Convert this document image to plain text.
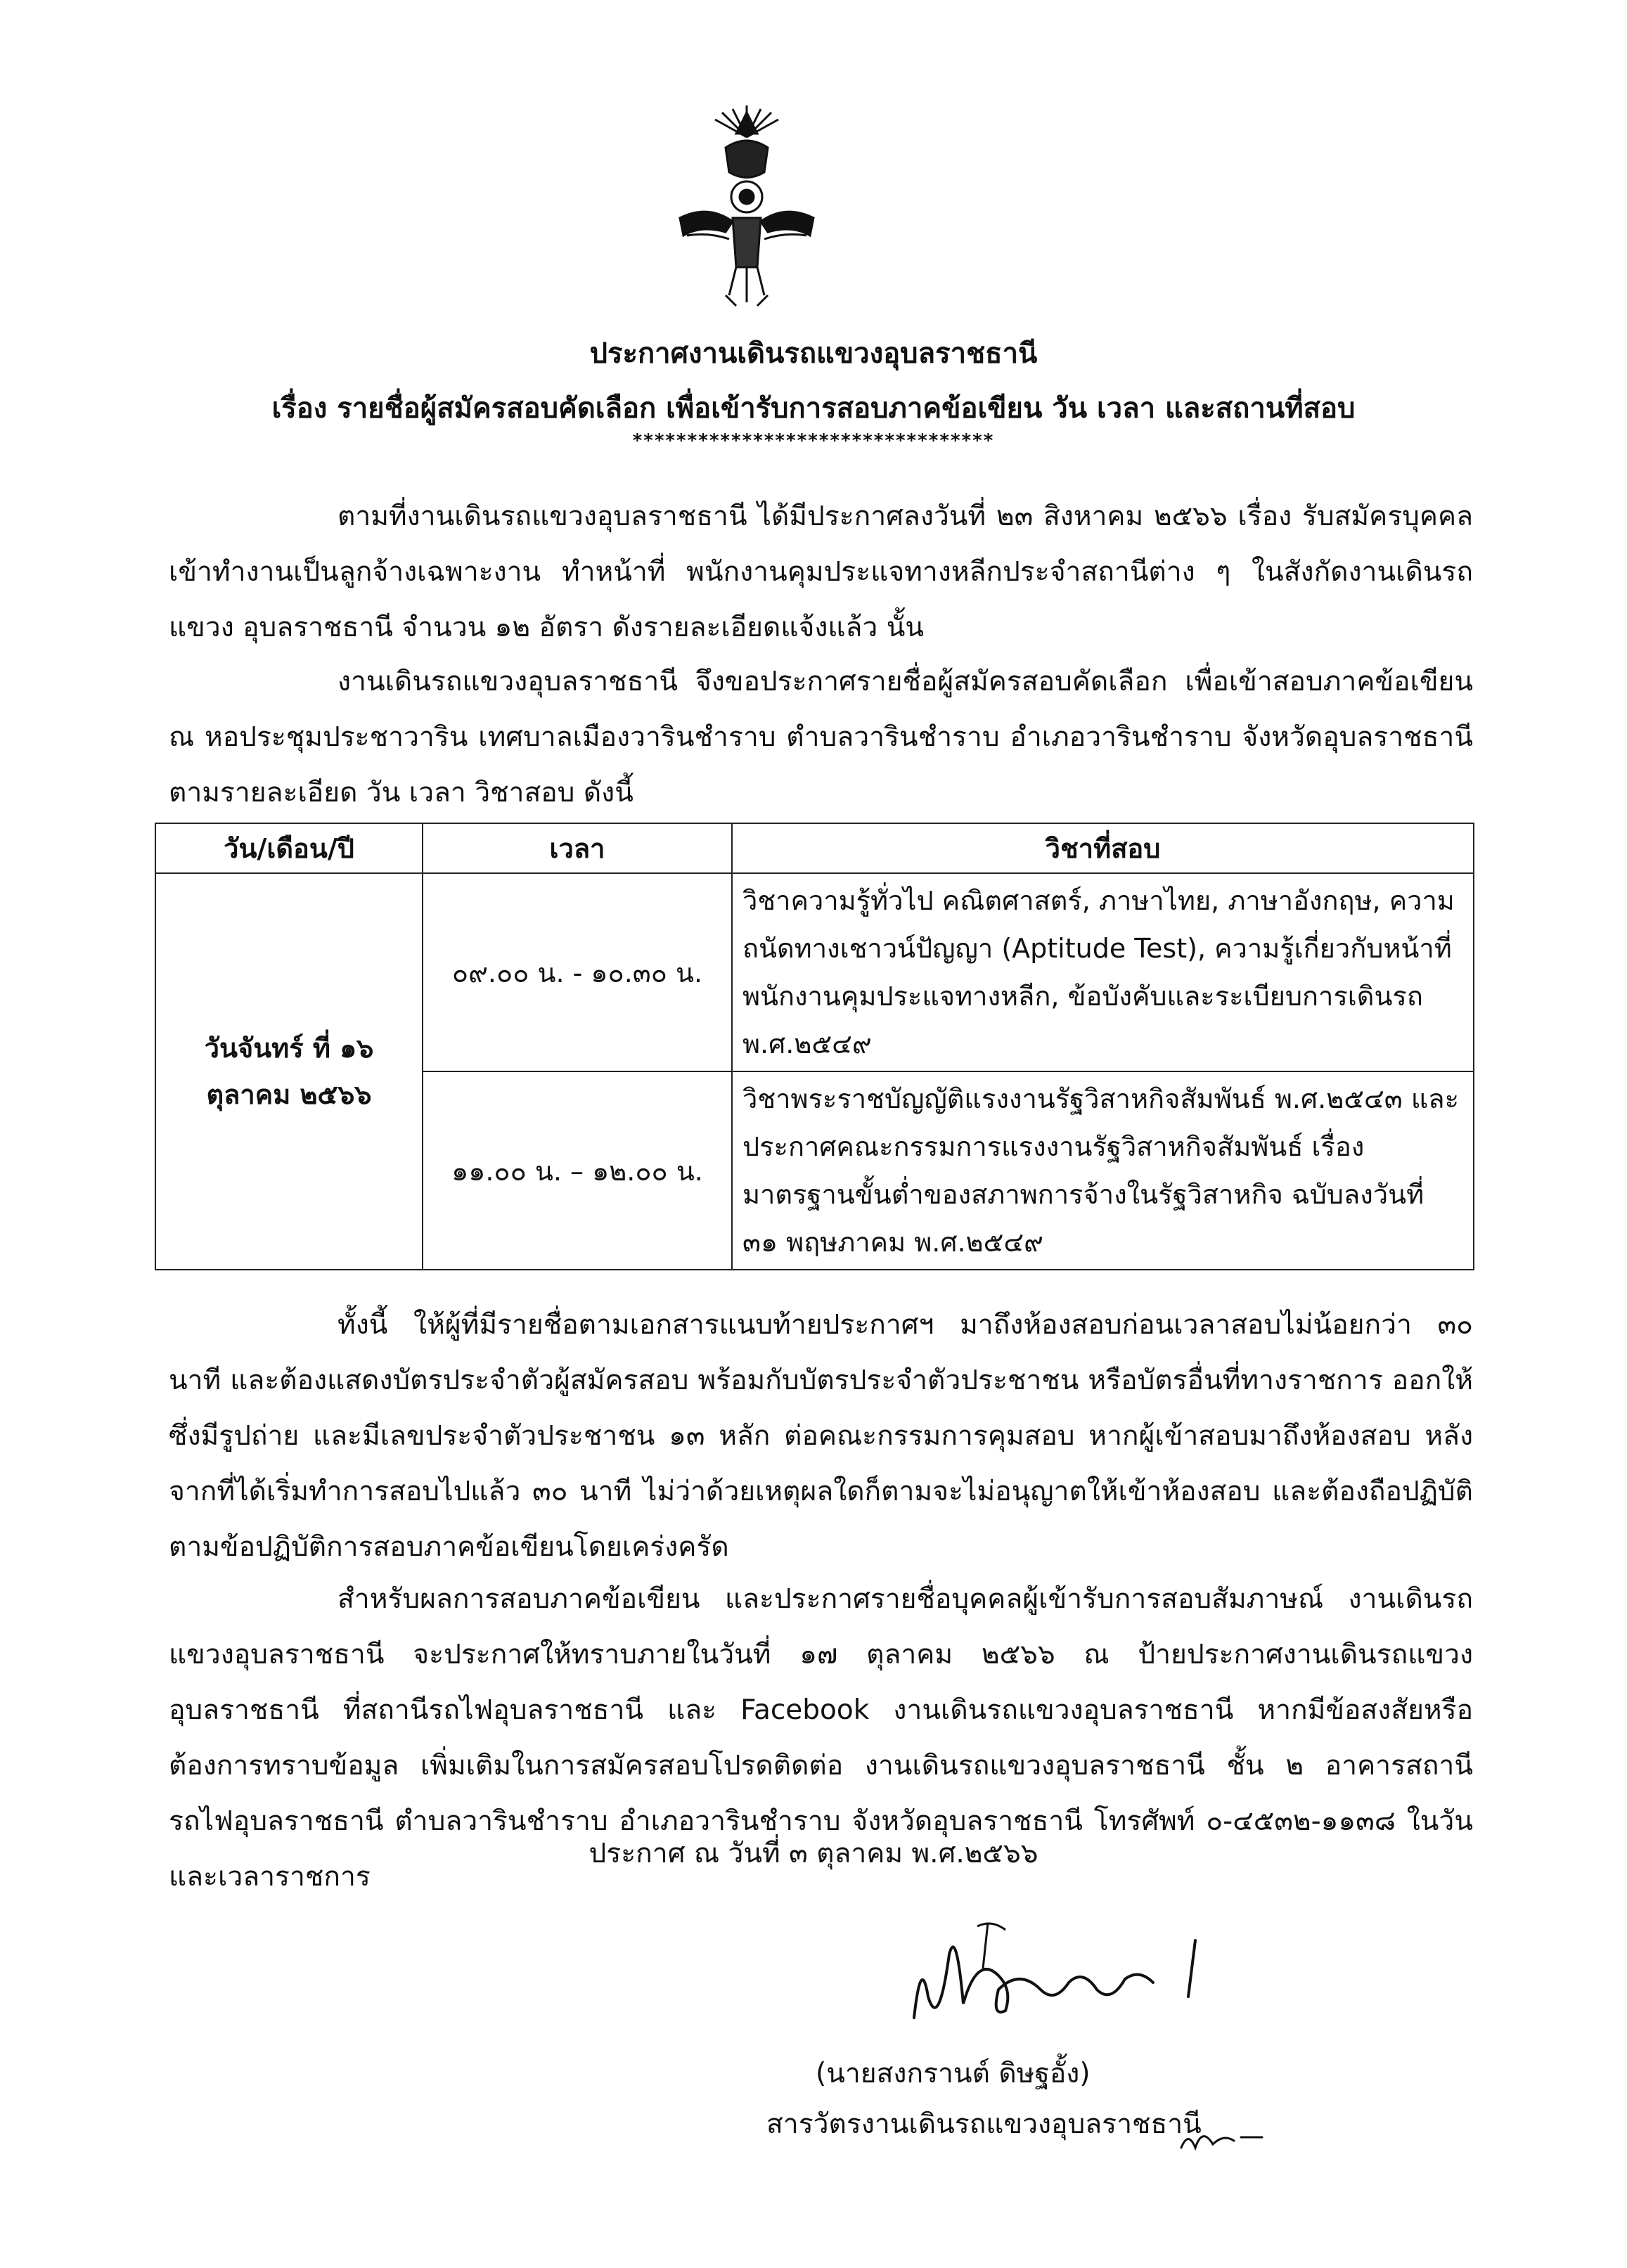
ประกาศงานเดินรถแขวงอุบลราชธานี
เรื่อง รายชื่อผู้สมัครสอบคัดเลือก เพื่อเข้ารับการสอบภาคข้อเขียน วัน เวลา และสถานที่สอบ
*********************************
ตามที่งานเดินรถแขวงอุบลราชธานี ได้มีประกาศลงวันที่ ๒๓ สิงหาคม ๒๕๖๖ เรื่อง รับสมัครบุคคล เข้าทำงานเป็นลูกจ้างเฉพาะงาน ทำหน้าที่ พนักงานคุมประแจทางหลีกประจำสถานีต่าง ๆ ในสังกัดงานเดินรถแขวง อุบลราชธานี จำนวน ๑๒ อัตรา ดังรายละเอียดแจ้งแล้ว นั้น
งานเดินรถแขวงอุบลราชธานี จึงขอประกาศรายชื่อผู้สมัครสอบคัดเลือก เพื่อเข้าสอบภาคข้อเขียน ณ หอประชุมประชาวาริน เทศบาลเมืองวารินชำราบ ตำบลวารินชำราบ อำเภอวารินชำราบ จังหวัดอุบลราชธานี ตามรายละเอียด วัน เวลา วิชาสอบ ดังนี้
วัน/เดือน/ปี	เวลา	วิชาที่สอบ

วันจันทร์ ที่ ๑๖
ตุลาคม ๒๕๖๖	๐๙.๐๐ น. - ๑๐.๓๐ น.	วิชาความรู้ทั่วไป คณิตศาสตร์, ภาษาไทย, ภาษาอังกฤษ, ความถนัดทางเชาวน์ปัญญา (Aptitude Test), ความรู้เกี่ยวกับหน้าที่พนักงานคุมประแจทางหลีก, ข้อบังคับและระเบียบการเดินรถ พ.ศ.๒๕๔๙
	๑๑.๐๐ น. – ๑๒.๐๐ น.	วิชาพระราชบัญญัติแรงงานรัฐวิสาหกิจสัมพันธ์ พ.ศ.๒๕๔๓ และประกาศคณะกรรมการแรงงานรัฐวิสาหกิจสัมพันธ์ เรื่อง มาตรฐานขั้นต่ำของสภาพการจ้างในรัฐวิสาหกิจ ฉบับลงวันที่ ๓๑ พฤษภาคม พ.ศ.๒๕๔๙
ทั้งนี้ ให้ผู้ที่มีรายชื่อตามเอกสารแนบท้ายประกาศฯ มาถึงห้องสอบก่อนเวลาสอบไม่น้อยกว่า ๓๐ นาที และต้องแสดงบัตรประจำตัวผู้สมัครสอบ พร้อมกับบัตรประจำตัวประชาชน หรือบัตรอื่นที่ทางราชการ ออกให้ซึ่งมีรูปถ่าย และมีเลขประจำตัวประชาชน ๑๓ หลัก ต่อคณะกรรมการคุมสอบ หากผู้เข้าสอบมาถึงห้องสอบ หลังจากที่ได้เริ่มทำการสอบไปแล้ว ๓๐ นาที ไม่ว่าด้วยเหตุผลใดก็ตามจะไม่อนุญาตให้เข้าห้องสอบ และต้องถือปฏิบัติ ตามข้อปฏิบัติการสอบภาคข้อเขียนโดยเคร่งครัด
สำหรับผลการสอบภาคข้อเขียน และประกาศรายชื่อบุคคลผู้เข้ารับการสอบสัมภาษณ์ งานเดินรถ แขวงอุบลราชธานี จะประกาศให้ทราบภายในวันที่ ๑๗ ตุลาคม ๒๕๖๖ ณ ป้ายประกาศงานเดินรถแขวงอุบลราชธานี ที่สถานีรถไฟอุบลราชธานี และ Facebook งานเดินรถแขวงอุบลราชธานี หากมีข้อสงสัยหรือต้องการทราบข้อมูล เพิ่มเติมในการสมัครสอบโปรดติดต่อ งานเดินรถแขวงอุบลราชธานี ชั้น ๒ อาคารสถานีรถไฟอุบลราชธานี ตำบลวารินชำราบ อำเภอวารินชำราบ จังหวัดอุบลราชธานี โทรศัพท์ ๐-๔๕๓๒-๑๑๓๘ ในวันและเวลาราชการ
ประกาศ ณ วันที่ ๓ ตุลาคม พ.ศ.๒๕๖๖
(นายสงกรานต์ ดิษฐอั้ง)
สารวัตรงานเดินรถแขวงอุบลราชธานี
